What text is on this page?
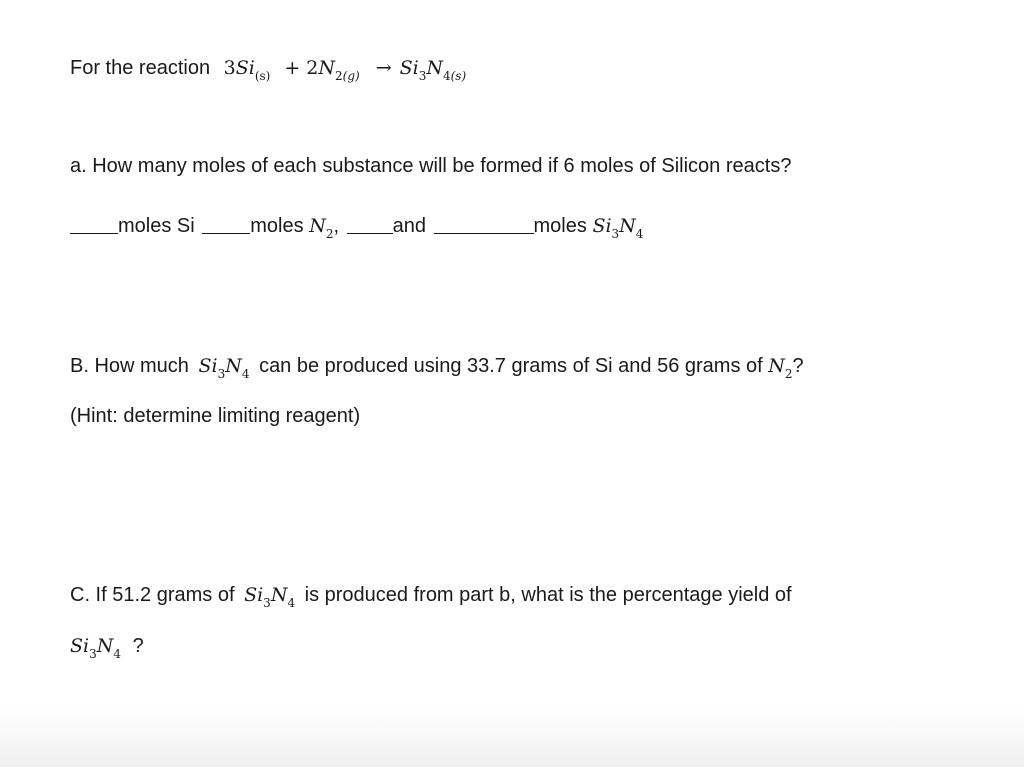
For the reaction $3Si_{(s)} + 2N_{2(g)} \to Si_3N_{4(s)}$
a. How many moles of each substance will be formed if 6 moles of Silicon reacts?
moles Si	moles $N_2$,	and	moles $Si_3N_4$
B. How much $Si_3N_4$ can be produced using 33.7 grams of Si and 56 grams of $N_2$?
(Hint: determine limiting reagent)
C. If 51.2 grams of $Si_3N_4$ is produced from part b, what is the percentage yield of
$Si_3N_4$ ?
